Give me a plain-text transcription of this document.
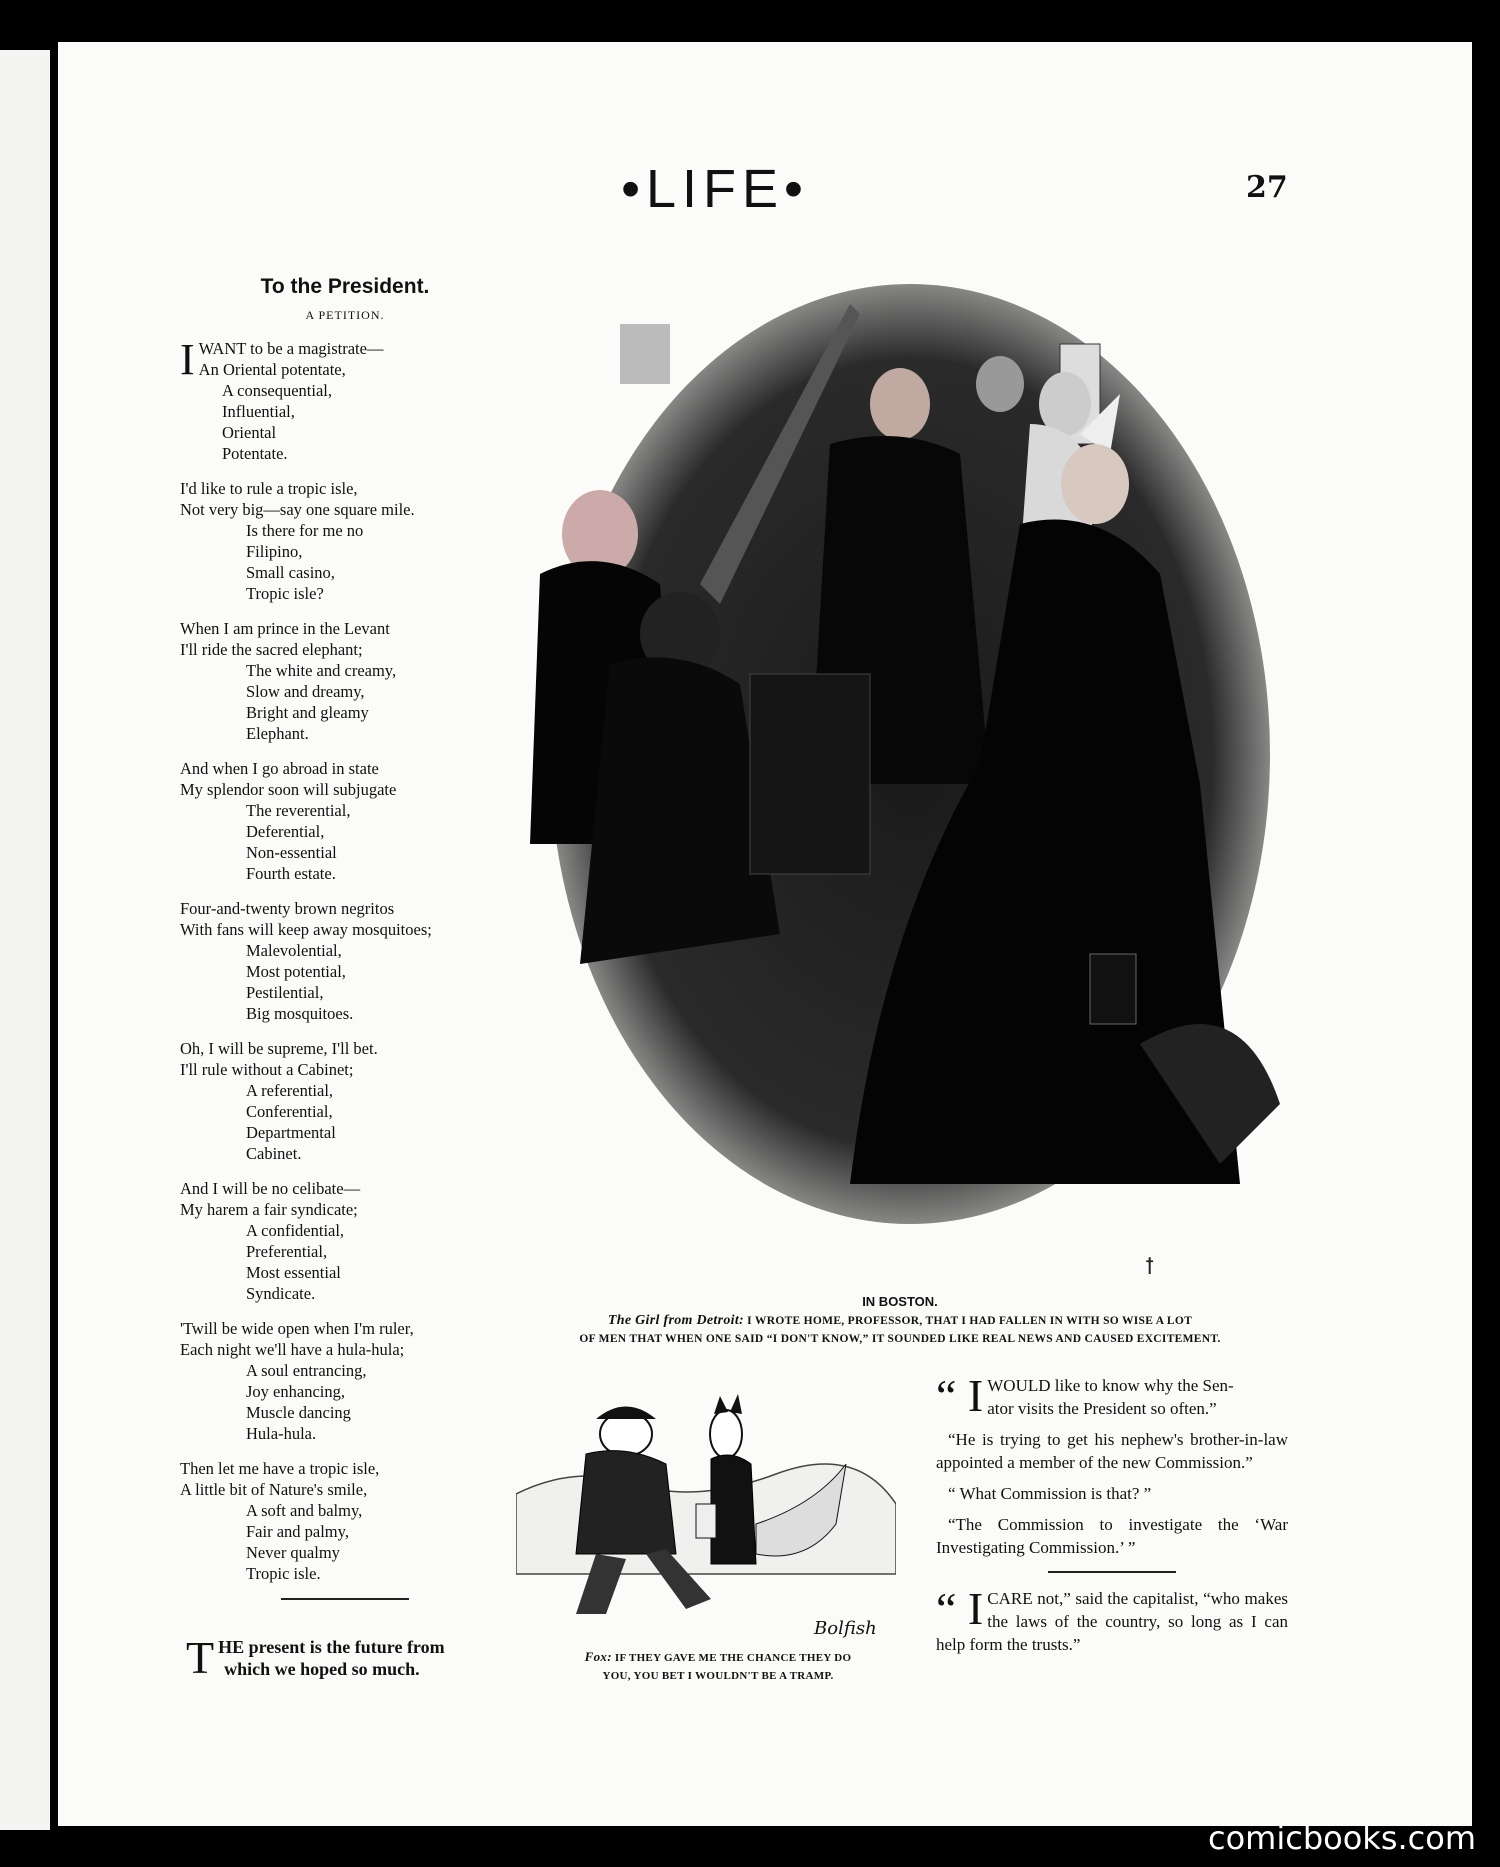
•LIFE•	27
To the President.
A PETITION.
I WANT to be a magistrate—
An Oriental potentate,
A consequential,
Influential,
Oriental
Potentate.
I'd like to rule a tropic isle,
Not very big—say one square mile.
Is there for me no
Filipino,
Small casino,
Tropic isle?
When I am prince in the Levant
I'll ride the sacred elephant;
The white and creamy,
Slow and dreamy,
Bright and gleamy
Elephant.
And when I go abroad in state
My splendor soon will subjugate
The reverential,
Deferential,
Non-essential
Fourth estate.
Four-and-twenty brown negritos
With fans will keep away mosquitoes;
Malevolential,
Most potential,
Pestilential,
Big mosquitoes.
Oh, I will be supreme, I'll bet.
I'll rule without a Cabinet;
A referential,
Conferential,
Departmental
Cabinet.
And I will be no celibate—
My harem a fair syndicate;
A confidential,
Preferential,
Most essential
Syndicate.
'Twill be wide open when I'm ruler,
Each night we'll have a hula-hula;
A soul entrancing,
Joy enhancing,
Muscle dancing
Hula-hula.
Then let me have a tropic isle,
A little bit of Nature's smile,
A soft and balmy,
Fair and palmy,
Never qualmy
Tropic isle.
T HE present is the future from
which we hoped so much.
ꝉ
IN BOSTON.
The Girl from Detroit: I WROTE HOME, PROFESSOR, THAT I HAD FALLEN IN WITH SO WISE A LOT
OF MEN THAT WHEN ONE SAID “I DON'T KNOW,” IT SOUNDED LIKE REAL NEWS AND CAUSED EXCITEMENT.
Bolfish
Fox: IF THEY GAVE ME THE CHANCE THEY DO
YOU, YOU BET I WOULDN'T BE A TRAMP.
“ I WOULD like to know why the Sen-
ator visits the President so often.”

“He is trying to get his nephew's brother-in-law appointed a member of the new Commission.”

“ What Commission is that? ”

“The Commission to investigate the ‘War Investigating Commission.’ ”

“ I CARE not,” said the capitalist, “who makes the laws of the country, so long as I can help form the trusts.”
comicbooks.com
